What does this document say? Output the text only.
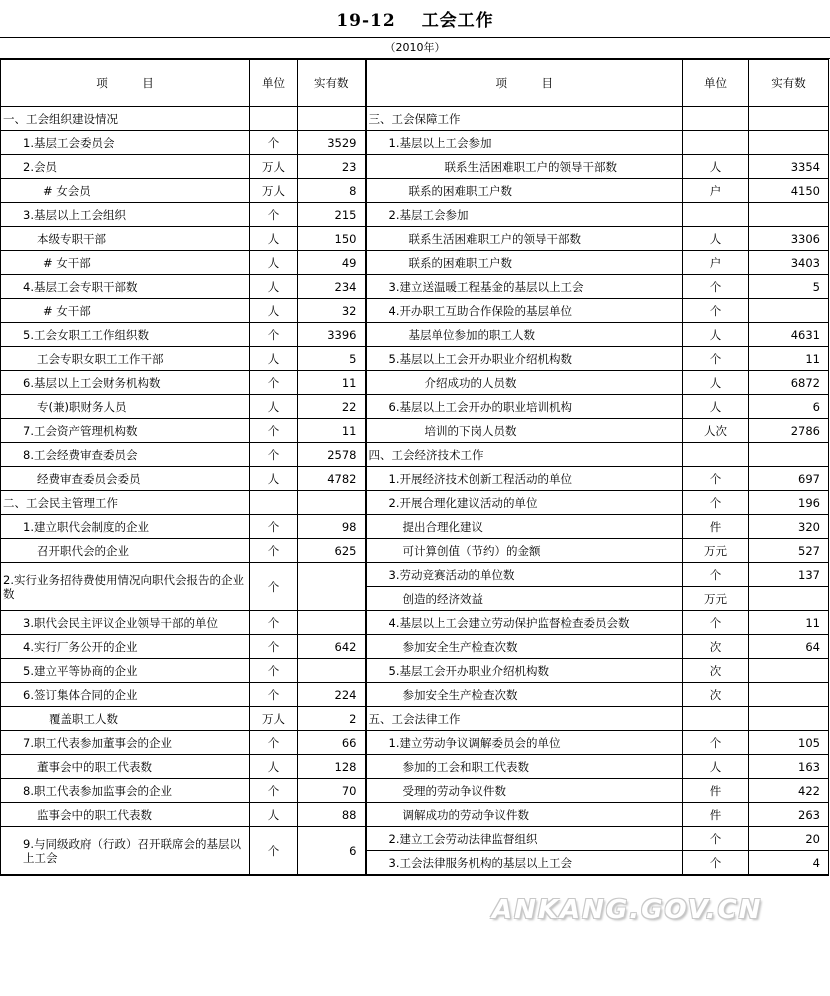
19-12 工会工作
（2010年）
项　　　目	单位	实有数	项　　　目	单位	实有数
一、工会组织建设情况			三、工会保障工作		
1.基层工会委员会	个	3529	1.基层以上工会参加		
2.会员	万人	23	联系生活困难职工户的领导干部数	人	3354
# 女会员	万人	8	联系的困难职工户数	户	4150
3.基层以上工会组织	个	215	2.基层工会参加		
本级专职干部	人	150	联系生活困难职工户的领导干部数	人	3306
# 女干部	人	49	联系的困难职工户数	户	3403
4.基层工会专职干部数	人	234	3.建立送温暖工程基金的基层以上工会	个	5
# 女干部	人	32	4.开办职工互助合作保险的基层单位	个	
5.工会女职工工作组织数	个	3396	基层单位参加的职工人数	人	4631
工会专职女职工工作干部	人	5	5.基层以上工会开办职业介绍机构数	个	11
6.基层以上工会财务机构数	个	11	介绍成功的人员数	人	6872
专(兼)职财务人员	人	22	6.基层以上工会开办的职业培训机构	人	6
7.工会资产管理机构数	个	11	培训的下岗人员数	人次	2786
8.工会经费审查委员会	个	2578	四、工会经济技术工作		
经费审查委员会委员	人	4782	1.开展经济技术创新工程活动的单位	个	697
二、工会民主管理工作			2.开展合理化建议活动的单位	个	196
1.建立职代会制度的企业	个	98	提出合理化建议	件	320
召开职代会的企业	个	625	可计算创值（节约）的金额	万元	527
2.实行业务招待费使用情况向职代会报告的企业数	个		3.劳动竞赛活动的单位数	个	137
			创造的经济效益	万元	
3.职代会民主评议企业领导干部的单位	个		4.基层以上工会建立劳动保护监督检查委员会数	个	11
4.实行厂务公开的企业	个	642	参加安全生产检查次数	次	64
5.建立平等协商的企业	个		5.基层工会开办职业介绍机构数	次	
6.签订集体合同的企业	个	224	参加安全生产检查次数	次	
覆盖职工人数	万人	2	五、工会法律工作		
7.职工代表参加董事会的企业	个	66	1.建立劳动争议调解委员会的单位	个	105
董事会中的职工代表数	人	128	参加的工会和职工代表数	人	163
8.职工代表参加监事会的企业	个	70	受理的劳动争议件数	件	422
监事会中的职工代表数	人	88	调解成功的劳动争议件数	件	263
9.与同级政府（行政）召开联席会的基层以上工会	个	6	2.建立工会劳动法律监督组织	个	20
			3.工会法律服务机构的基层以上工会	个	4
ANKANG.GOV.CN
